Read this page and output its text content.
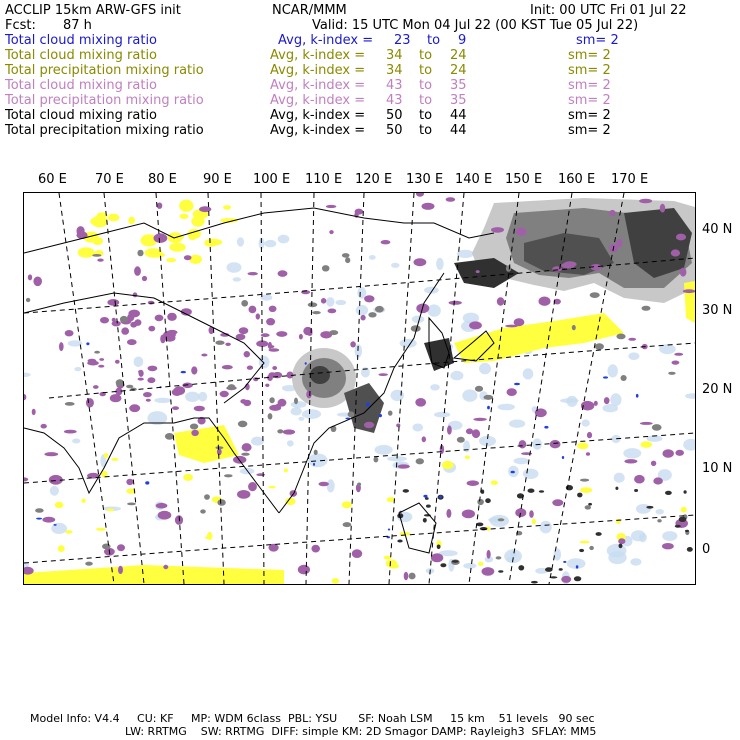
ACCLIP 15km ARW-GFS init	NCAR/MMM	Init: 00 UTC Fri 01 Jul 22
Fcst: 87 h	Valid: 15 UTC Mon 04 Jul 22 (00 KST Tue 05 Jul 22)
Total cloud mixing ratio	Avg, k-index = 23 to 9	sm= 2
Total cloud mixing ratio	Avg, k-index = 34 to 24	sm= 2
Total precipitation mixing ratio	Avg, k-index = 34 to 24	sm= 2
Total cloud mixing ratio	Avg, k-index = 43 to 35	sm= 2
Total precipitation mixing ratio	Avg, k-index = 43 to 35	sm= 2
Total cloud mixing ratio	Avg, k-index = 50 to 44	sm= 2
Total precipitation mixing ratio	Avg, k-index = 50 to 44	sm= 2
60 E 70 E 80 E 90 E 100 E 110 E 120 E 130 E 140 E 150 E 160 E 170 E
40 N
30 N
20 N
10 N
0
Model Info: V4.4     CU: KF     MP: WDM 6class  PBL: YSU      SF: Noah LSM     15 km    51 levels   90 sec
LW: RRTMG    SW: RRTMG  DIFF: simple KM: 2D Smagor DAMP: Rayleigh3  SFLAY: MM5
